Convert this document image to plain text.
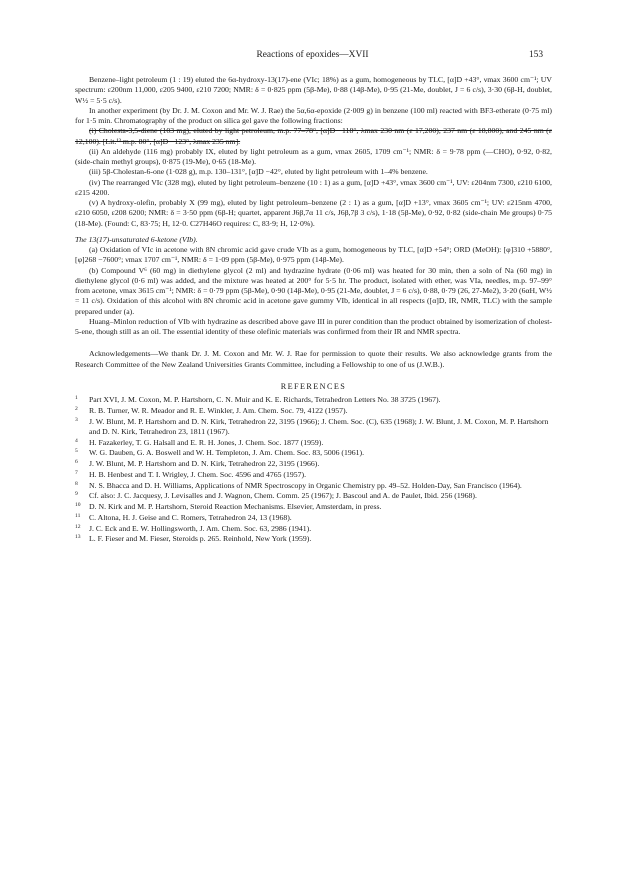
Reactions of epoxides—XVII	153

Benzene–light petroleum (1 : 19) eluted the 6α-hydroxy-13(17)-ene (VIc; 18%) as a gum, homogeneous by TLC, [α]D +43°, νmax 3600 cm⁻¹; UV spectrum: ε200nm 11,000, ε205 9400, ε210 7200; NMR: δ = 0·825 ppm (5β-Me), 0·88 (14β-Me), 0·95 (21-Me, doublet, J = 6 c/s), 3·30 (6β-H, doublet, W½ = 5·5 c/s).

In another experiment (by Dr. J. M. Coxon and Mr. W. J. Rae) the 5α,6α-epoxide (2·009 g) in benzene (100 ml) reacted with BF3-etherate (0·75 ml) for 1·5 min. Chromatography of the product on silica gel gave the following fractions:

(i) Cholesta-3,5-diene (103 mg), eluted by light petroleum, m.p. 77–78°, [α]D −118°, λmax 230 nm (ε 17,200), 237 nm (ε 18,800), and 245 nm (ε 12,100). [Lit.¹³ m.p. 80°, [α]D −123°, λmax 235 nm].

(ii) An aldehyde (116 mg) probably IX, eluted by light petroleum as a gum, νmax 2605, 1709 cm⁻¹; NMR: δ = 9·78 ppm (—CHO), 0·92, 0·82, (side-chain methyl groups), 0·875 (19-Me), 0·65 (18-Me).

(iii) 5β-Cholestan-6-one (1·028 g), m.p. 130–131°, [α]D −42°, eluted by light petroleum with 1–4% benzene.

(iv) The rearranged VIc (328 mg), eluted by light petroleum–benzene (10 : 1) as a gum, [α]D +43°, νmax 3600 cm⁻¹, UV: ε204nm 7300, ε210 6100, ε215 4200.

(v) A hydroxy-olefin, probably X (99 mg), eluted by light petroleum–benzene (2 : 1) as a gum, [α]D +13°, νmax 3605 cm⁻¹; UV: ε215nm 4700, ε210 6050, ε208 6200; NMR: δ = 3·50 ppm (6β-H; quartet, apparent J6β,7α 11 c/s, J6β,7β 3 c/s), 1·18 (5β-Me), 0·92, 0·82 (side-chain Me groups) 0·75 (18-Me). (Found: C, 83·75; H, 12·0. C27H46O requires: C, 83·9; H, 12·0%).

The 13(17)-unsaturated 6-ketone (VIb).

(a) Oxidation of VIc in acetone with 8N chromic acid gave crude VIb as a gum, homogeneous by TLC, [α]D +54°; ORD (MeOH): [φ]310 +5880°, [φ]268 −7600°; νmax 1707 cm⁻¹, NMR: δ = 1·09 ppm (5β-Me), 0·975 ppm (14β-Me).

(b) Compound V⁶ (60 mg) in diethylene glycol (2 ml) and hydrazine hydrate (0·06 ml) was heated for 30 min, then a soln of Na (60 mg) in diethylene glycol (0·6 ml) was added, and the mixture was heated at 200° for 5·5 hr. The product, isolated with ether, was VIa, needles, m.p. 97–99° from acetone, νmax 3615 cm⁻¹; NMR: δ = 0·79 ppm (5β-Me), 0·90 (14β-Me), 0·95 (21-Me, doublet, J = 6 c/s), 0·88, 0·79 (26, 27-Me2), 3·20 (6αH, W½ = 11 c/s). Oxidation of this alcohol with 8N chromic acid in acetone gave gummy VIb, identical in all respects ([α]D, IR, NMR, TLC) with the sample prepared under (a).

Huang–Minlon reduction of VIb with hydrazine as described above gave III in purer condition than the product obtained by isomerization of cholest-5-ene, though still as an oil. The essential identity of these olefinic materials was confirmed from their IR and NMR spectra.

Acknowledgements—We thank Dr. J. M. Coxon and Mr. W. J. Rae for permission to quote their results. We also acknowledge grants from the Research Committee of the New Zealand Universities Grants Committee, including a Fellowship to one of us (J.W.B.).

REFERENCES
1 Part XVI, J. M. Coxon, M. P. Hartshorn, C. N. Muir and K. E. Richards, Tetrahedron Letters No. 38 3725 (1967).
2 R. B. Turner, W. R. Meador and R. E. Winkler, J. Am. Chem. Soc. 79, 4122 (1957).
3 J. W. Blunt, M. P. Hartshorn and D. N. Kirk, Tetrahedron 22, 3195 (1966); J. Chem. Soc. (C), 635 (1968); J. W. Blunt, J. M. Coxon, M. P. Hartshorn and D. N. Kirk, Tetrahedron 23, 1811 (1967).
4 H. Fazakerley, T. G. Halsall and E. R. H. Jones, J. Chem. Soc. 1877 (1959).
5 W. G. Dauben, G. A. Boswell and W. H. Templeton, J. Am. Chem. Soc. 83, 5006 (1961).
6 J. W. Blunt, M. P. Hartshorn and D. N. Kirk, Tetrahedron 22, 3195 (1966).
7 H. B. Henbest and T. I. Wrigley, J. Chem. Soc. 4596 and 4765 (1957).
8 N. S. Bhacca and D. H. Williams, Applications of NMR Spectroscopy in Organic Chemistry pp. 49–52. Holden-Day, San Francisco (1964).
9 Cf. also: J. C. Jacquesy, J. Levisalles and J. Wagnon, Chem. Comm. 25 (1967); J. Bascoul and A. de Paulet, Ibid. 256 (1968).
10 D. N. Kirk and M. P. Hartshorn, Steroid Reaction Mechanisms. Elsevier, Amsterdam, in press.
11 C. Altona, H. J. Geise and C. Romers, Tetrahedron 24, 13 (1968).
12 J. C. Eck and E. W. Hollingsworth, J. Am. Chem. Soc. 63, 2986 (1941).
13 L. F. Fieser and M. Fieser, Steroids p. 265. Reinhold, New York (1959).
